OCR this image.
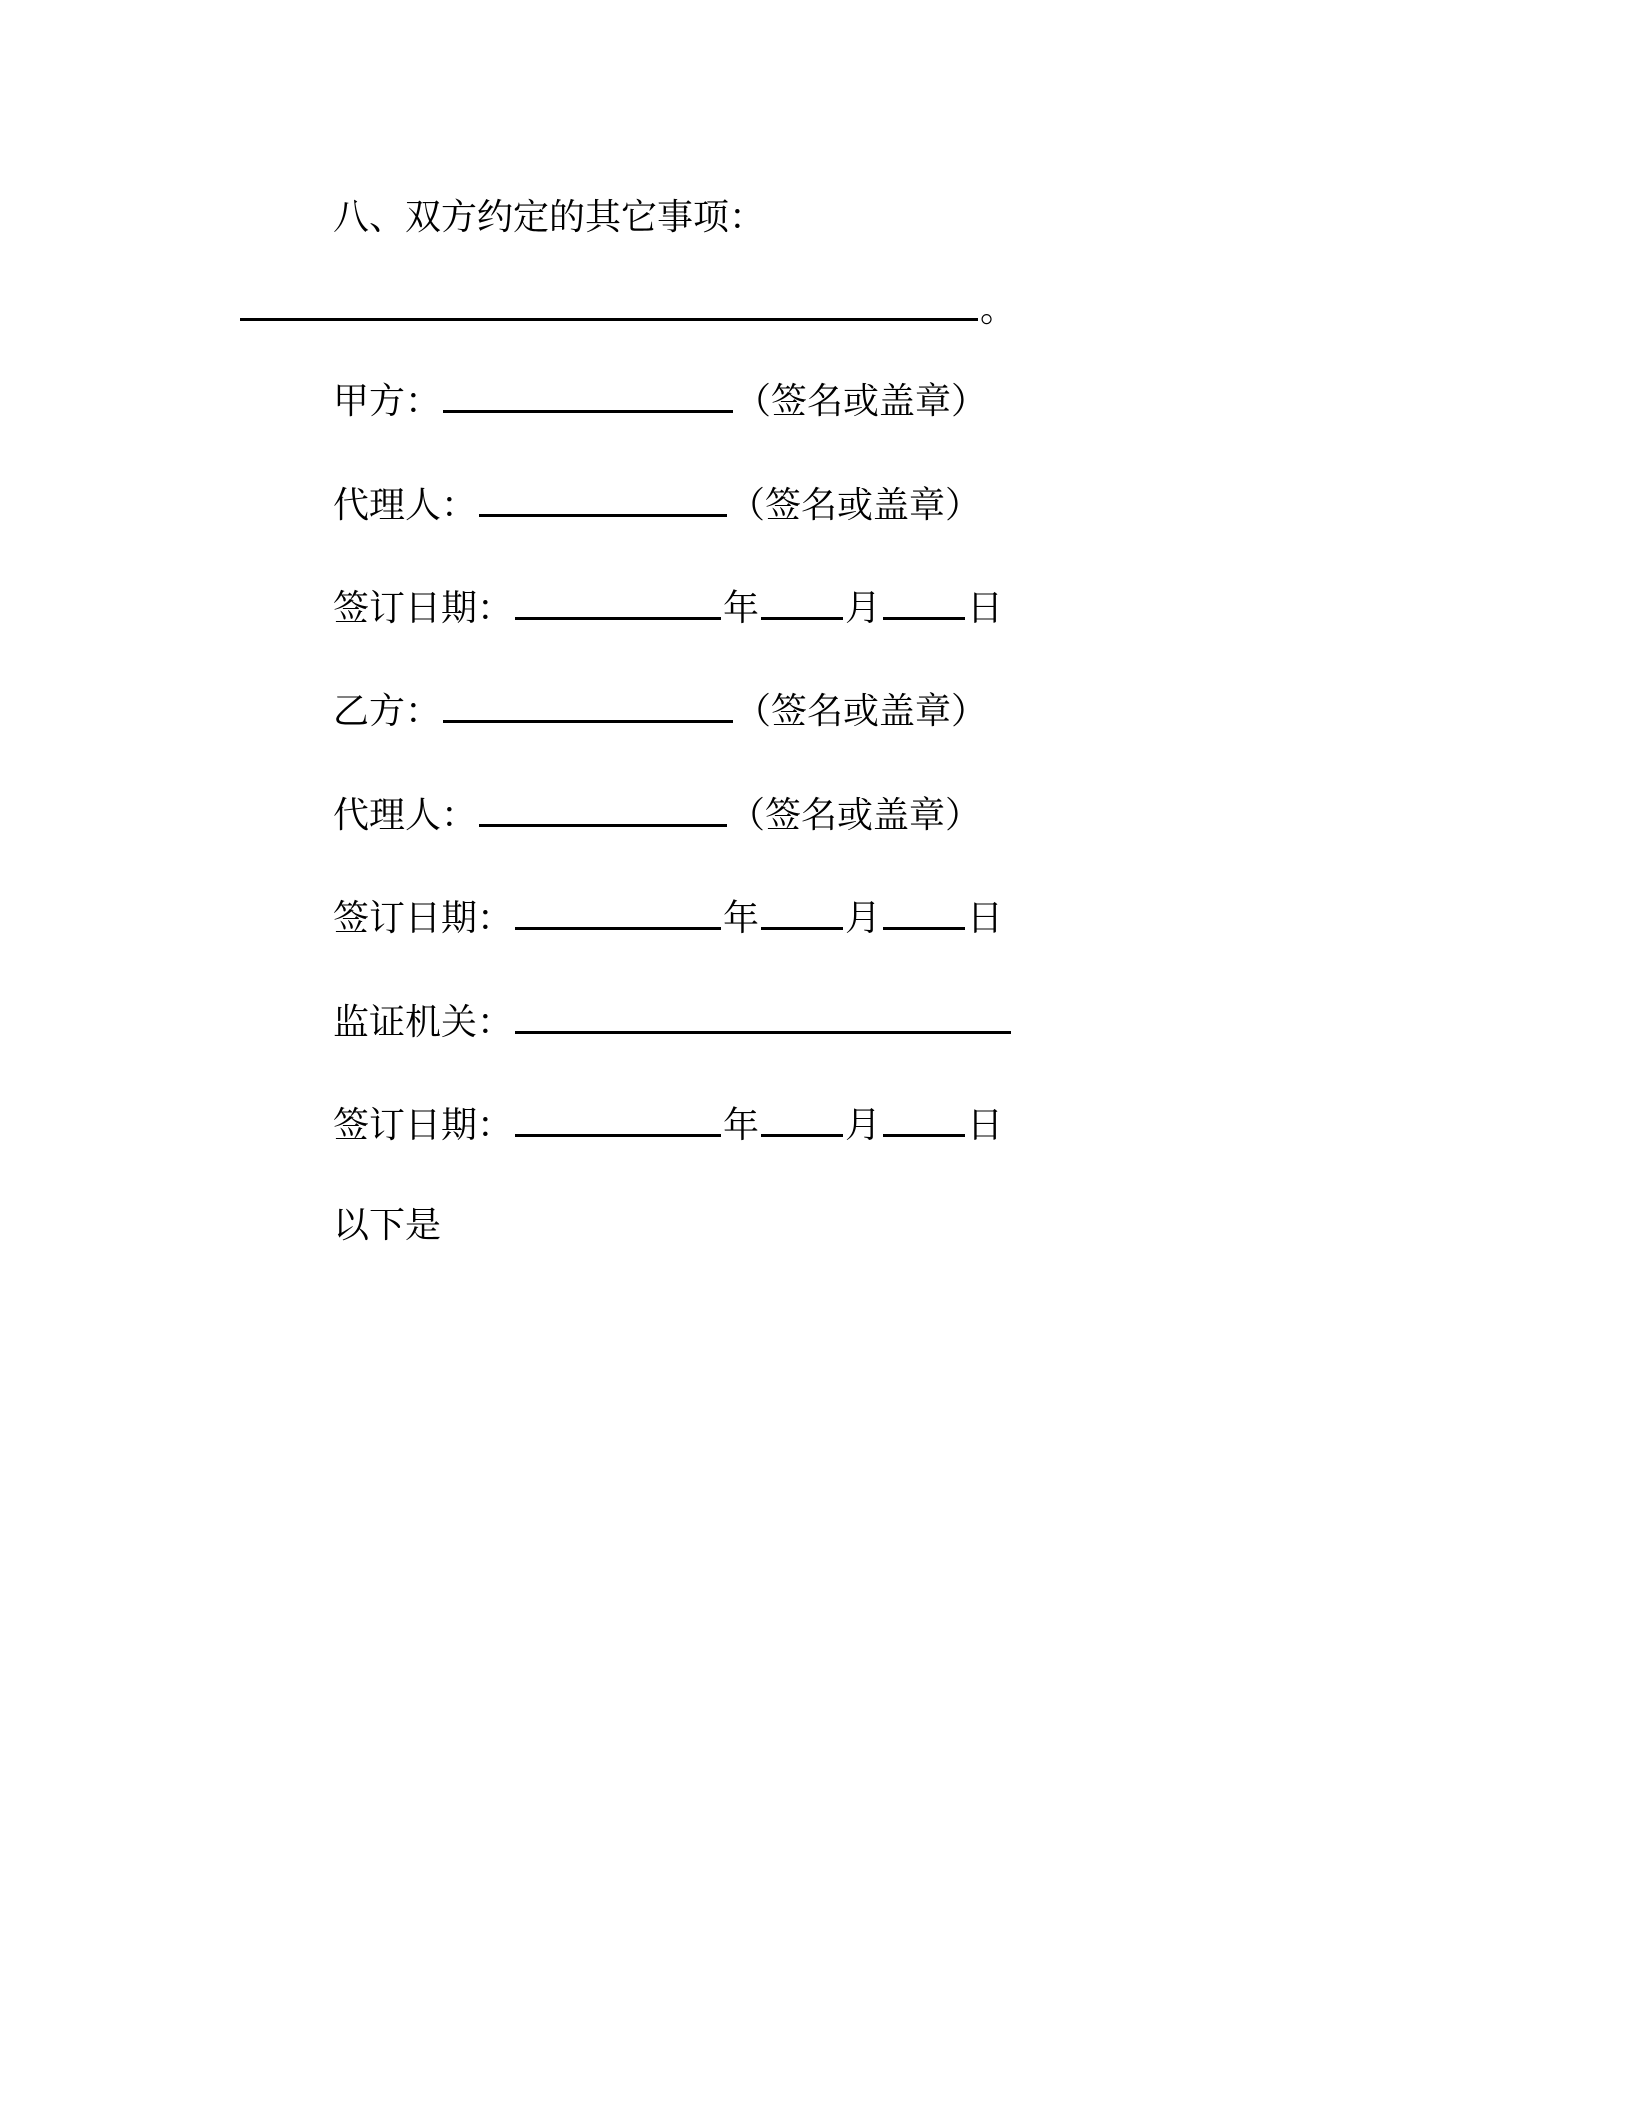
八、双方约定的其它事项：
。
甲方：	（签名或盖章）
代理人：	（签名或盖章）
签订日期：	年 月 日
乙方：	（签名或盖章）
代理人：	（签名或盖章）
签订日期：	年 月 日
监证机关：
签订日期：	年 月 日
以下是
